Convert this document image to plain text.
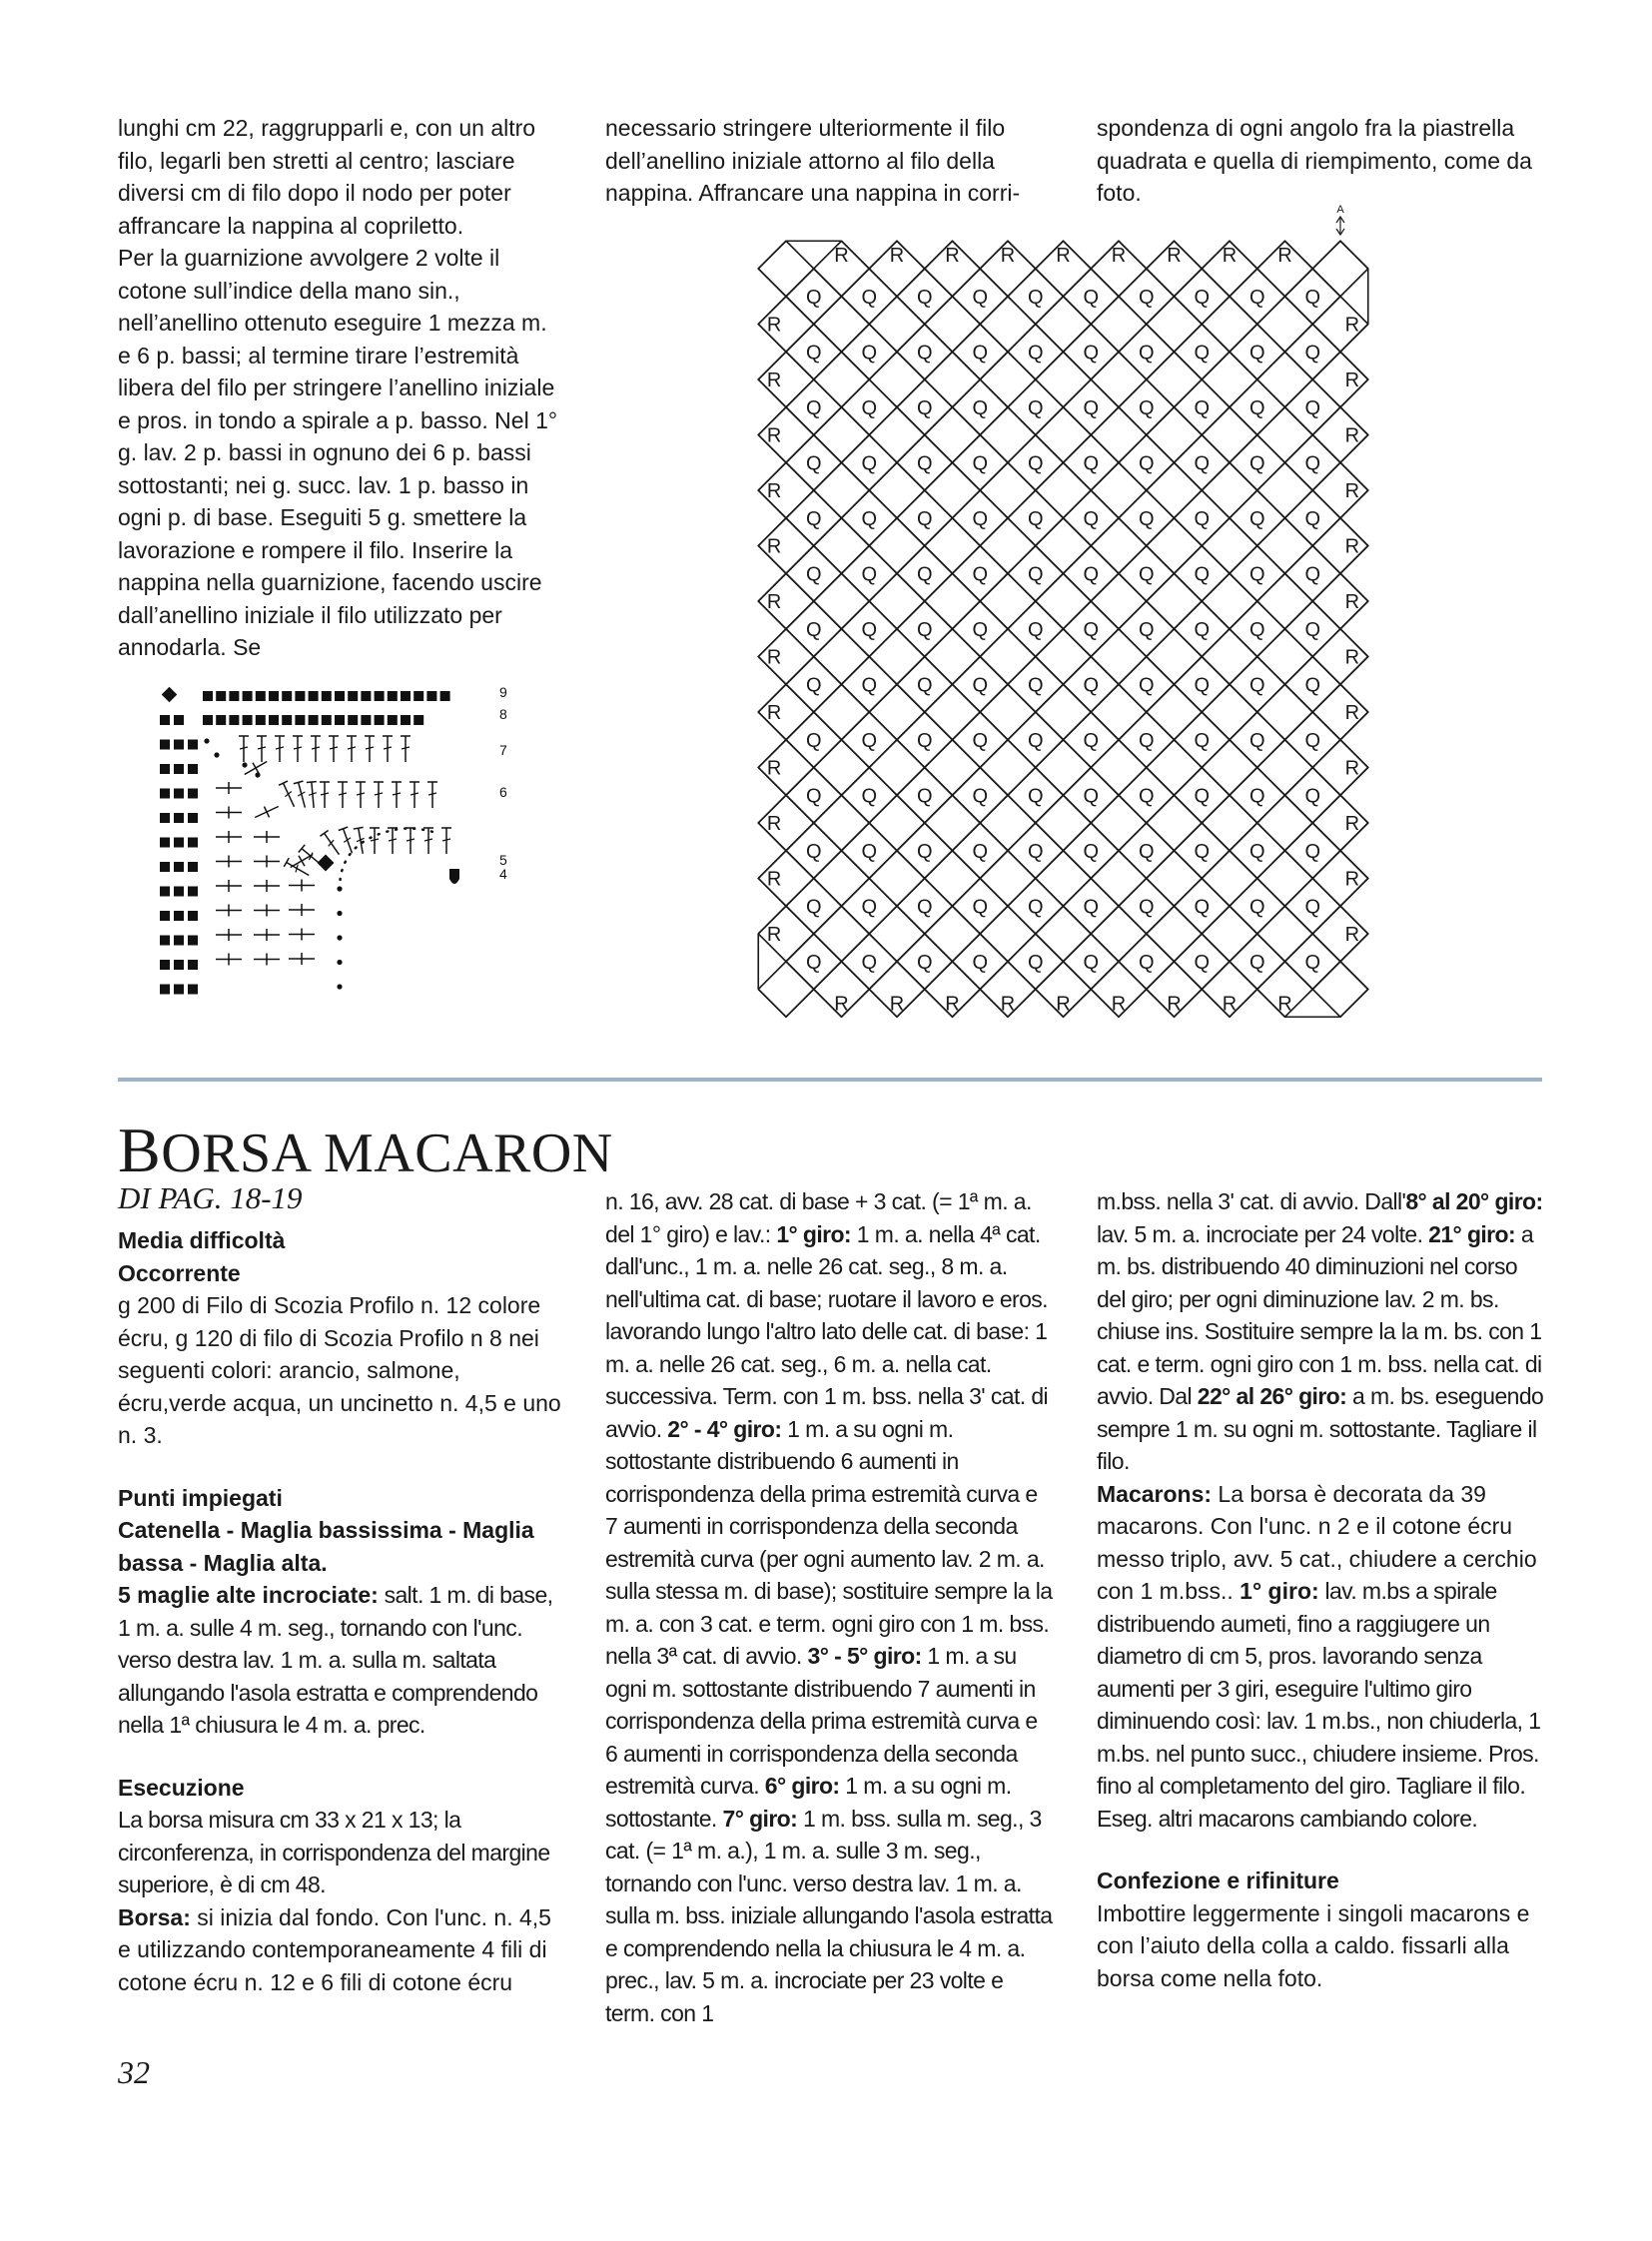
lunghi cm 22, raggrupparli e, con un altro filo, legarli ben stretti al centro; lasciare diversi cm di filo dopo il nodo per poter affrancare la nappina al copriletto.

Per la guarnizione avvolgere 2 volte il cotone sull’indice della mano sin., nell’anellino ottenuto eseguire 1 mezza m. e 6 p. bassi; al termine tirare l’estremità libera del filo per stringere l’anellino iniziale e pros. in tondo a spirale a p. basso. Nel 1° g. lav. 2 p. bassi in ognuno dei 6 p. bassi sottostanti; nei g. succ. lav. 1 p. basso in ogni p. di base. Eseguiti 5 g. smettere la lavorazione e rompere il filo. Inserire la nappina nella guarnizione, facendo uscire dall’anellino iniziale il filo utilizzato per annodarla. Se

necessario stringere ulteriormente il filo dell’anellino iniziale attorno al filo della nappina. Affrancare una nappina in corri-

spondenza di ogni angolo fra la piastrella quadrata e quella di riempimento, come da foto.

9
8
7
6
5
4
Q
Q
Q
Q
Q
Q
Q
Q
Q
Q
Q
Q
Q
Q
Q
Q
Q
Q
Q
Q
Q
Q
Q
Q
Q
Q
Q
Q
Q
Q
Q
Q
Q
Q
Q
Q
Q
Q
Q
Q
Q
Q
Q
Q
Q
Q
Q
Q
Q
Q
Q
Q
Q
Q
Q
Q
Q
Q
Q
Q
Q
Q
Q
Q
Q
Q
Q
Q
Q
Q
Q
Q
Q
Q
Q
Q
Q
Q
Q
Q
Q
Q
Q
Q
Q
Q
Q
Q
Q
Q
Q
Q
Q
Q
Q
Q
Q
Q
Q
Q
Q
Q
Q
Q
Q
Q
Q
Q
Q
Q
Q
Q
Q
Q
Q
Q
Q
Q
Q
Q
Q
Q
Q
Q
Q
Q
Q
Q
Q
Q
R
R
R
R
R
R
R
R
R
R
R
R
R
R
R
R
R
R
R	R
R	R
R	R
R	R
R	R
R	R
R	R
R	R
R	R
R	R
R	R
R	R
A
BORSA MACARON
DI PAG. 18-19

Media difficoltà

Occorrente

g 200 di Filo di Scozia Profilo n. 12 colore écru, g 120 di filo di Scozia Profilo n 8 nei seguenti colori: arancio, salmone, écru,verde acqua, un uncinetto n. 4,5 e uno n. 3.

Punti impiegati

Catenella - Maglia bassissima - Maglia bassa - Maglia alta.

5 maglie alte incrociate: salt. 1 m. di base, 1 m. a. sulle 4 m. seg., tornando con l'unc. verso destra lav. 1 m. a. sulla m. saltata allungando l'asola estratta e comprendendo nella 1ª chiusura le 4 m. a. prec.

Esecuzione

La borsa misura cm 33 x 21 x 13; la circonferenza, in corrispondenza del margine superiore, è di cm 48.

Borsa: si inizia dal fondo. Con l'unc. n. 4,5 e utilizzando contemporaneamente 4 fili di cotone écru n. 12 e 6 fili di cotone écru

n. 16, avv. 28 cat. di base + 3 cat. (= 1ª m. a. del 1° giro) e lav.: 1° giro: 1 m. a. nella 4ª cat. dall'unc., 1 m. a. nelle 26 cat. seg., 8 m. a. nell'ultima cat. di base; ruotare il lavoro e eros. lavorando lungo l'altro lato delle cat. di base: 1 m. a. nelle 26 cat. seg., 6 m. a. nella cat. successiva. Term. con 1 m. bss. nella 3' cat. di avvio. 2° - 4° giro: 1 m. a su ogni m. sottostante distribuendo 6 aumenti in corrispondenza della prima estremità curva e 7 aumenti in corrispondenza della seconda estremità curva (per ogni aumento lav. 2 m. a. sulla stessa m. di base); sostituire sempre la la m. a. con 3 cat. e term. ogni giro con 1 m. bss. nella 3ª cat. di avvio. 3° - 5° giro: 1 m. a su ogni m. sottostante distribuendo 7 aumenti in corrispondenza della prima estremità curva e 6 aumenti in corrispondenza della seconda estremità curva. 6° giro: 1 m. a su ogni m. sottostante. 7° giro: 1 m. bss. sulla m. seg., 3 cat. (= 1ª m. a.), 1 m. a. sulle 3 m. seg., tornando con l'unc. verso destra lav. 1 m. a. sulla m. bss. iniziale allungando l'asola estratta e comprendendo nella la chiusura le 4 m. a. prec., lav. 5 m. a. incrociate per 23 volte e term. con 1

m.bss. nella 3' cat. di avvio. Dall'8° al 20° giro: lav. 5 m. a. incrociate per 24 volte. 21° giro: a m. bs. distribuendo 40 diminuzioni nel corso del giro; per ogni diminuzione lav. 2 m. bs. chiuse ins. Sostituire sempre la la m. bs. con 1 cat. e term. ogni giro con 1 m. bss. nella cat. di avvio. Dal 22° al 26° giro: a m. bs. eseguendo sempre 1 m. su ogni m. sottostante. Tagliare il filo.

Macarons: La borsa è decorata da 39 macarons. Con l'unc. n 2 e il cotone écru messo triplo, avv. 5 cat., chiudere a cerchio con 1 m.bss.. 1° giro: lav. m.bs a spirale distribuendo aumeti, fino a raggiugere un diametro di cm 5, pros. lavorando senza aumenti per 3 giri, eseguire l'ultimo giro diminuendo così: lav. 1 m.bs., non chiuderla, 1 m.bs. nel punto succ., chiudere insieme. Pros. fino al completamento del giro. Tagliare il filo. Eseg. altri macarons cambiando colore.

Confezione e rifiniture

Imbottire leggermente i singoli macarons e con l’aiuto della colla a caldo. fissarli alla borsa come nella foto.

32
